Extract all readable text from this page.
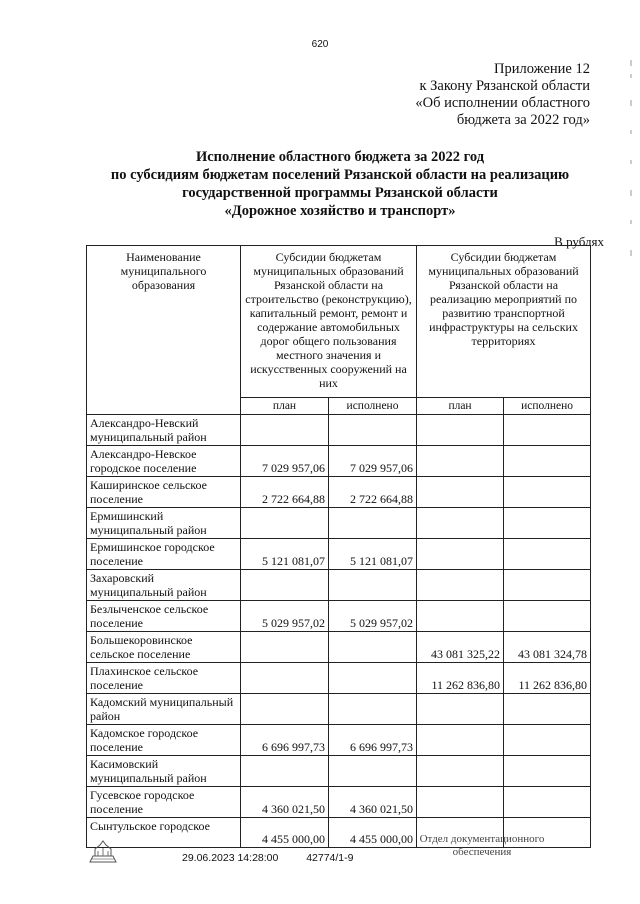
620
Приложение 12
к Закону Рязанской области
«Об исполнении областного
бюджета за 2022 год»
Исполнение областного бюджета за 2022 год
по субсидиям бюджетам поселений Рязанской области на реализацию
государственной программы Рязанской области
«Дорожное хозяйство и транспорт»
В рублях
Наименование муниципального образования	Субсидии бюджетам муниципальных образований Рязанской области на строительство (реконструкцию), капитальный ремонт, ремонт и содержание автомобильных дорог общего пользования местного значения и искусственных сооружений на них		Субсидии бюджетам муниципальных образований Рязанской области на реализацию мероприятий по развитию транспортной инфраструктуры на сельских территориях	
	план	исполнено	план	исполнено
Александро-Невский муниципальный район				
Александро-Невское городское поселение	7 029 957,06	7 029 957,06		
Каширинское сельское поселение	2 722 664,88	2 722 664,88		
Ермишинский муниципальный район				
Ермишинское городское поселение	5 121 081,07	5 121 081,07		
Захаровский муниципальный район				
Безлыченское сельское поселение	5 029 957,02	5 029 957,02		
Большекоровинское сельское поселение			43 081 325,22	43 081 324,78
Плахинское сельское поселение			11 262 836,80	11 262 836,80
Кадомский муниципальный район				
Кадомское городское поселение	6 696 997,73	6 696 997,73		
Касимовский муниципальный район				
Гусевское городское поселение	4 360 021,50	4 360 021,50		
Сынтульское городское	4 455 000,00	4 455 000,00		
29.06.2023 14:28:00	42774/1-9
Отдел документационного
обеспечения
